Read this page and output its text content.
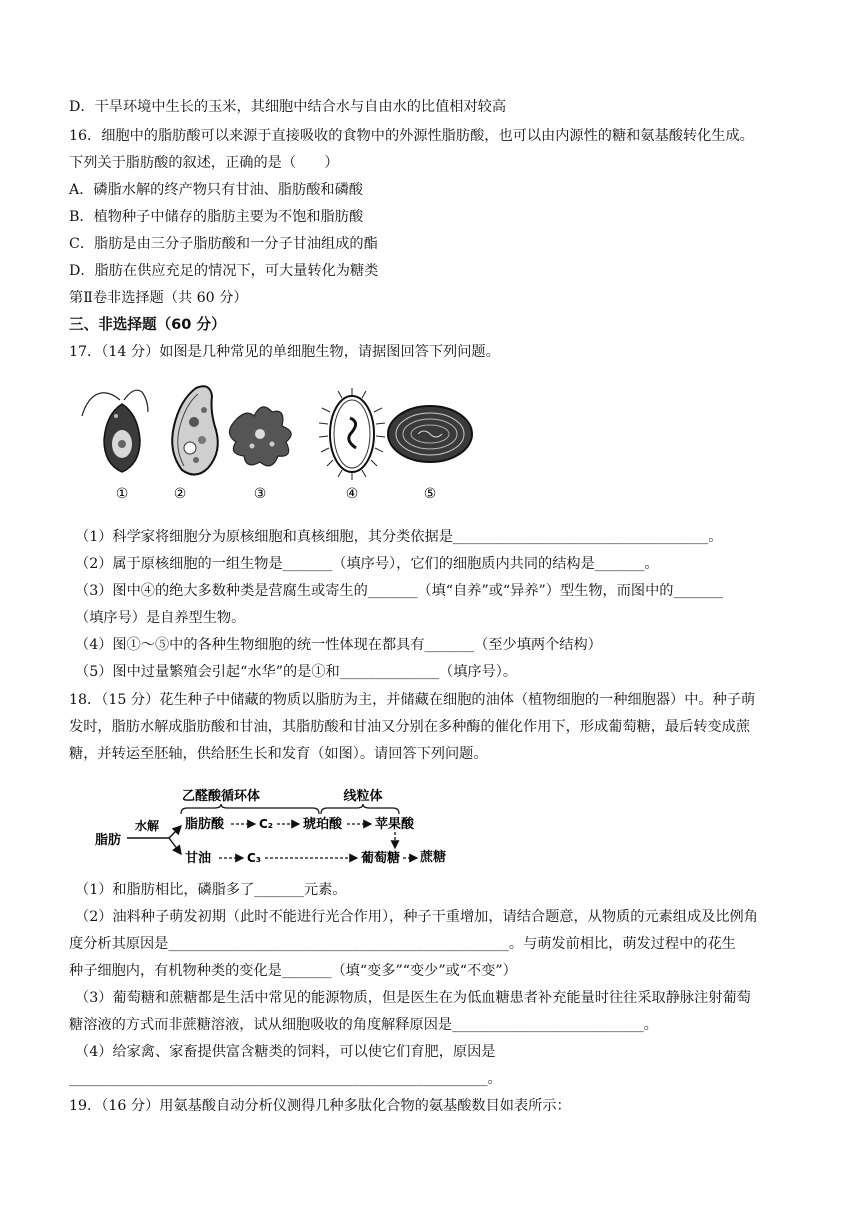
D．干旱环境中生长的玉米，其细胞中结合水与自由水的比值相对较高
16．细胞中的脂肪酸可以来源于直接吸收的食物中的外源性脂肪酸，也可以由内源性的糖和氨基酸转化生成。
下列关于脂肪酸的叙述，正确的是（　　）
A．磷脂水解的终产物只有甘油、脂肪酸和磷酸
B．植物种子中储存的脂肪主要为不饱和脂肪酸
C．脂肪是由三分子脂肪酸和一分子甘油组成的酯
D．脂肪在供应充足的情况下，可大量转化为糖类
第Ⅱ卷非选择题（共 60 分）
三、非选择题（60 分）
17．（14 分）如图是几种常见的单细胞生物，请据图回答下列问题。
①	②	③	④	⑤
（1）科学家将细胞分为原核细胞和真核细胞，其分类依据是____________________________________。
（2）属于原核细胞的一组生物是_______（填序号），它们的细胞质内共同的结构是_______。
（3）图中④的绝大多数种类是营腐生或寄生的_______（填“自养”或“异养”）型生物，而图中的_______
（填序号）是自养型生物。
（4）图①～⑤中的各种生物细胞的统一性体现在都具有_______（至少填两个结构）
（5）图中过量繁殖会引起“水华”的是①和______________（填序号）。
18．（15 分）花生种子中储藏的物质以脂肪为主，并储藏在细胞的油体（植物细胞的一种细胞器）中。种子萌
发时，脂肪水解成脂肪酸和甘油，其脂肪酸和甘油又分别在多种酶的催化作用下，形成葡萄糖，最后转变成蔗
糖，并转运至胚轴，供给胚生长和发育（如图）。请回答下列问题。
乙醛酸循环体	线粒体
脂肪
水解 脂肪酸	C₂ 琥珀酸	苹果酸
甘油	C₃	葡萄糖 蔗糖
（1）和脂肪相比，磷脂多了_______元素。
（2）油料种子萌发初期（此时不能进行光合作用），种子干重增加，请结合题意，从物质的元素组成及比例角
度分析其原因是________________________________________________。与萌发前相比，萌发过程中的花生
种子细胞内，有机物种类的变化是_______（填“变多”“变少”或“不变”）
（3）葡萄糖和蔗糖都是生活中常见的能源物质，但是医生在为低血糖患者补充能量时往往采取静脉注射葡萄
糖溶液的方式而非蔗糖溶液，试从细胞吸收的角度解释原因是___________________________。
（4）给家禽、家畜提供富含糖类的饲料，可以使它们育肥，原因是
___________________________________________________________。
19．（16 分）用氨基酸自动分析仪测得几种多肽化合物的氨基酸数目如表所示：
